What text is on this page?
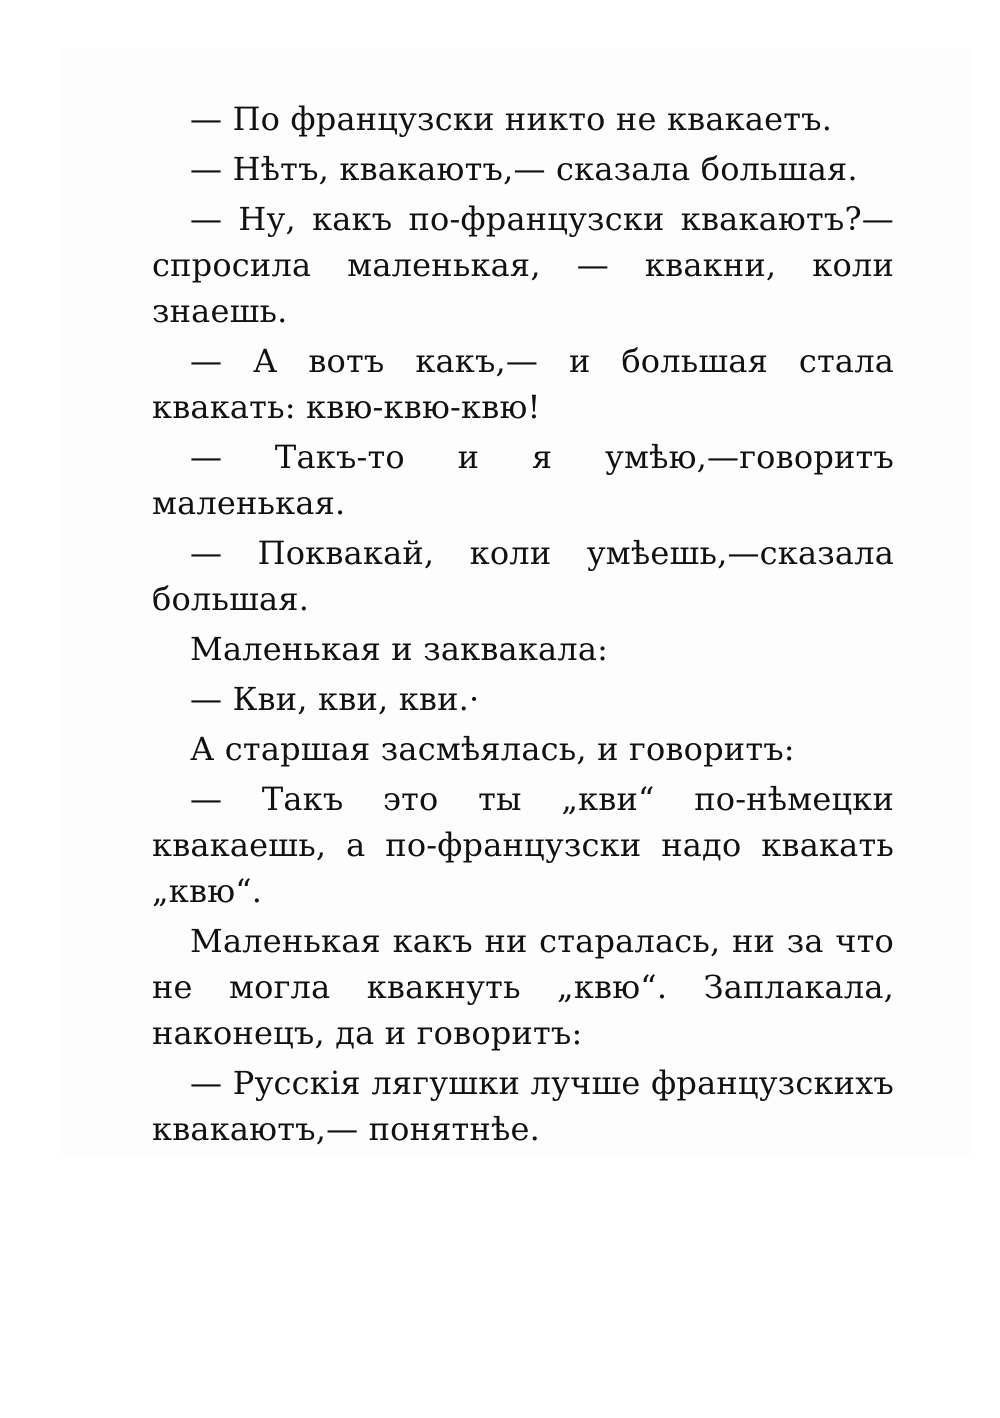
— По французски никто не квакаетъ.

— Нѣтъ, квакаютъ,— сказала большая.

— Ну, какъ по-французски квакаютъ?— спросила маленькая, — квакни, коли знаешь.

— А вотъ какъ,— и большая стала квакать: квю-квю-квю!

— Такъ-то и я умѣю,—говоритъ маленькая.

— Поквакай, коли умѣешь,—сказала большая.

Маленькая и заквакала:

— Кви, кви, кви.·

А старшая засмѣялась, и говоритъ:

— Такъ это ты „кви“ по-нѣмецки квакаешь, а по-французски надо квакать „квю“.

Маленькая какъ ни старалась, ни за что не могла квакнуть „квю“. Заплакала, наконецъ, да и говоритъ:

— Русскія лягушки лучше французскихъ квакаютъ,— понятнѣе.
